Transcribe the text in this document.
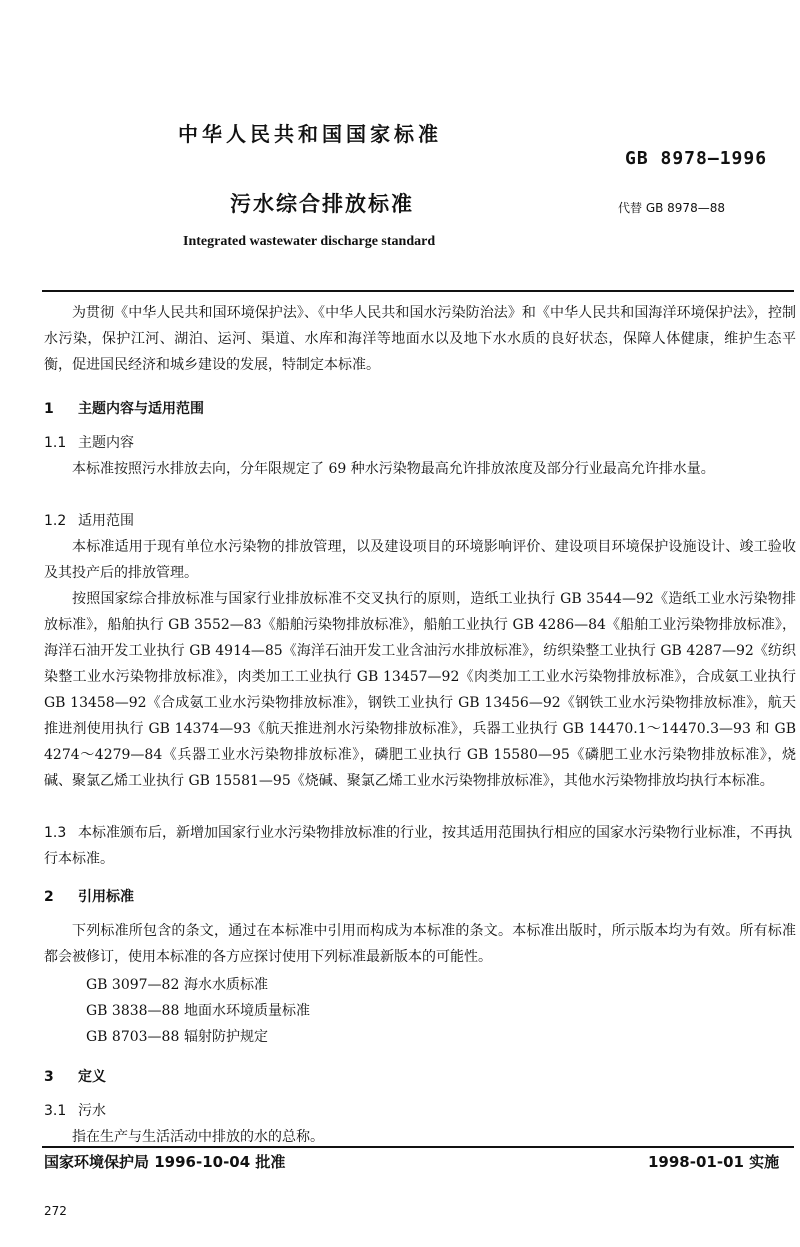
中华人民共和国国家标准
GB 8978—1996
污水综合排放标准	代替 GB 8978—88
Integrated wastewater discharge standard

为贯彻《中华人民共和国环境保护法》、《中华人民共和国水污染防治法》和《中华人民共和国海洋环境保护法》，控制水污染，保护江河、湖泊、运河、渠道、水库和海洋等地面水以及地下水水质的良好状态，保障人体健康，维护生态平衡，促进国民经济和城乡建设的发展，特制定本标准。

1 主题内容与适用范围
1.1 主题内容

本标准按照污水排放去向，分年限规定了 69 种水污染物最高允许排放浓度及部分行业最高允许排水量。

1.2 适用范围

本标准适用于现有单位水污染物的排放管理，以及建设项目的环境影响评价、建设项目环境保护设施设计、竣工验收及其投产后的排放管理。

按照国家综合排放标准与国家行业排放标准不交叉执行的原则，造纸工业执行 GB 3544—92《造纸工业水污染物排放标准》，船舶执行 GB 3552—83《船舶污染物排放标准》，船舶工业执行 GB 4286—84《船舶工业污染物排放标准》，海洋石油开发工业执行 GB 4914—85《海洋石油开发工业含油污水排放标准》，纺织染整工业执行 GB 4287—92《纺织染整工业水污染物排放标准》，肉类加工工业执行 GB 13457—92《肉类加工工业水污染物排放标准》，合成氨工业执行 GB 13458—92《合成氨工业水污染物排放标准》，钢铁工业执行 GB 13456—92《钢铁工业水污染物排放标准》，航天推进剂使用执行 GB 14374—93《航天推进剂水污染物排放标准》，兵器工业执行 GB 14470.1～14470.3—93 和 GB 4274～4279—84《兵器工业水污染物排放标准》，磷肥工业执行 GB 15580—95《磷肥工业水污染物排放标准》，烧碱、聚氯乙烯工业执行 GB 15581—95《烧碱、聚氯乙烯工业水污染物排放标准》，其他水污染物排放均执行本标准。

1.3 本标准颁布后，新增加国家行业水污染物排放标准的行业，按其适用范围执行相应的国家水污染物行业标准，不再执行本标准。

2 引用标准

下列标准所包含的条文，通过在本标准中引用而构成为本标准的条文。本标准出版时，所示版本均为有效。所有标准都会被修订，使用本标准的各方应探讨使用下列标准最新版本的可能性。

GB 3097—82 海水水质标准
GB 3838—88 地面水环境质量标准
GB 8703—88 辐射防护规定
3 定义
3.1 污水

指在生产与生活活动中排放的水的总称。

国家环境保护局 1996-10-04 批准	1998-01-01 实施
272
